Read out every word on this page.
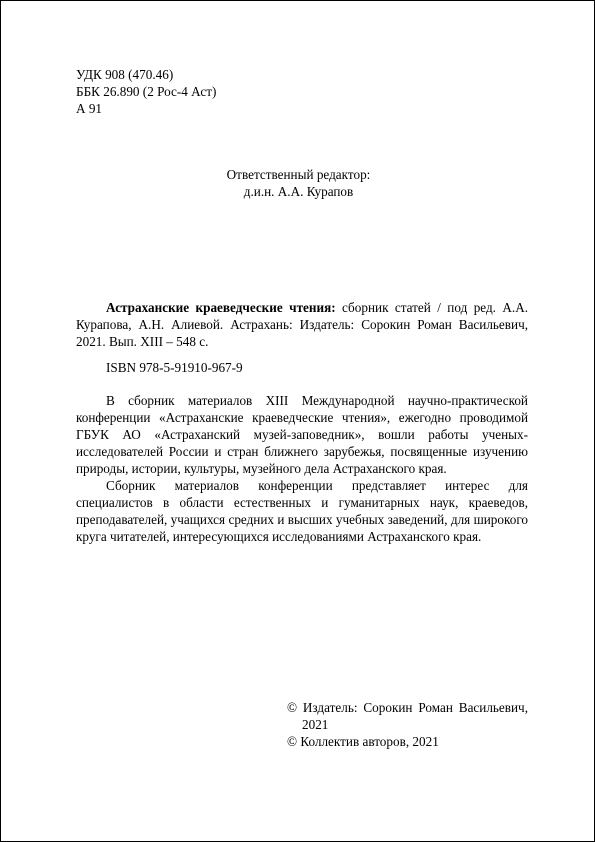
УДК 908 (470.46)
ББК 26.890 (2 Рос-4 Аст)
А 91
Ответственный редактор:
д.и.н. А.А. Курапов
Астраханские краеведческие чтения: сборник статей / под ред. А.А. Курапова, А.Н. Алиевой. Астрахань: Издатель: Сорокин Роман Васильевич, 2021. Вып. XIII – 548 с.
ISBN 978-5-91910-967-9

В сборник материалов XIII Международной научно-практической конференции «Астраханские краеведческие чтения», ежегодно проводимой ГБУК АО «Астраханский музей-заповедник», вошли работы ученых-исследователей России и стран ближнего зарубежья, посвященные изучению природы, истории, культуры, музейного дела Астраханского края.

Сборник материалов конференции представляет интерес для специалистов в области естественных и гуманитарных наук, краеведов, преподавателей, учащихся средних и высших учебных заведений, для широкого круга читателей, интересующихся исследованиями Астраханского края.

© Издатель: Сорокин Роман Васильевич, 2021

© Коллектив авторов, 2021
